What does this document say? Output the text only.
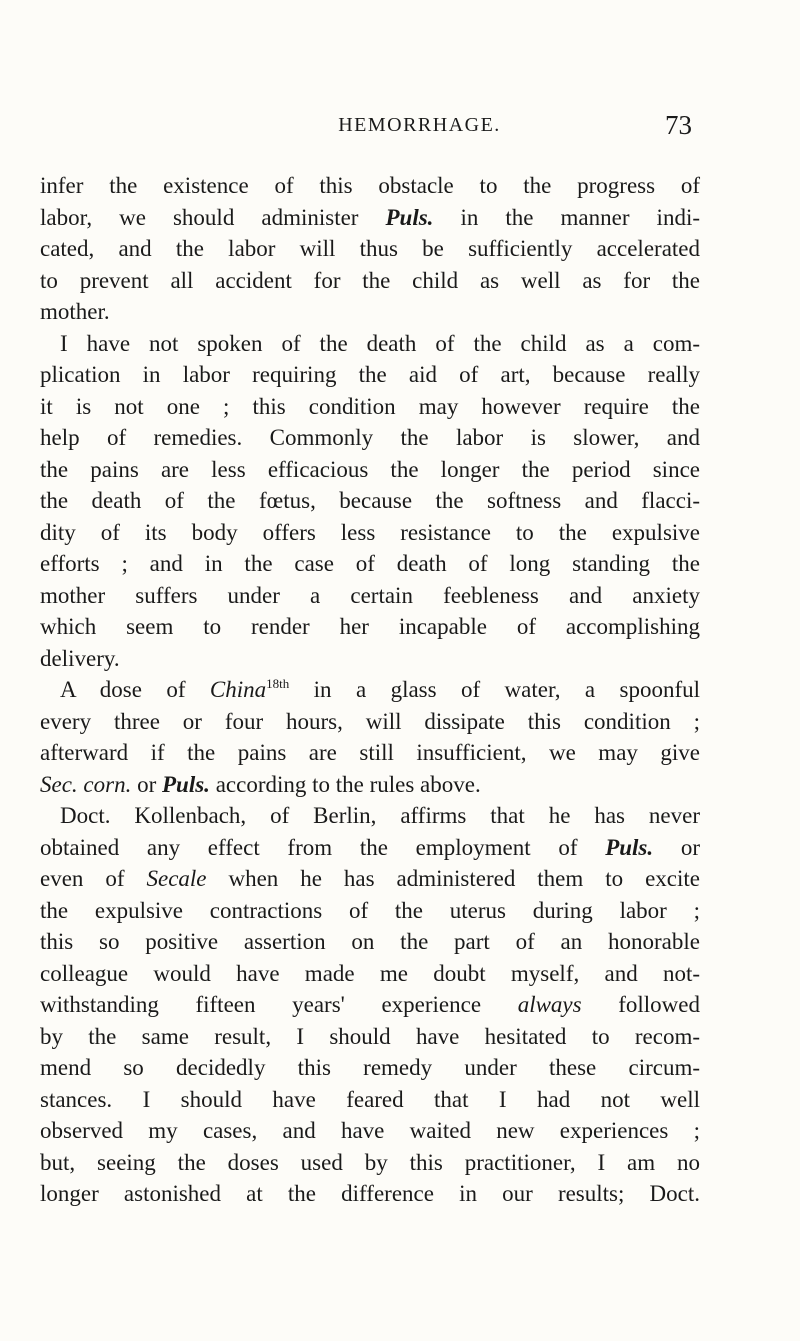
HEMORRHAGE.	73
infer the existence of this obstacle to the progress of
labor, we should administer Puls. in the manner indi-
cated, and the labor will thus be sufficiently accelerated
to prevent all accident for the child as well as for the
mother.
I have not spoken of the death of the child as a com-
plication in labor requiring the aid of art, because really
it is not one ; this condition may however require the
help of remedies. Commonly the labor is slower, and
the pains are less efficacious the longer the period since
the death of the fœtus, because the softness and flacci-
dity of its body offers less resistance to the expulsive
efforts ; and in the case of death of long standing the
mother suffers under a certain feebleness and anxiety
which seem to render her incapable of accomplishing
delivery.
A dose of China$^{18th}$ in a glass of water, a spoonful
every three or four hours, will dissipate this condition ;
afterward if the pains are still insufficient, we may give
Sec. corn. or Puls. according to the rules above.
Doct. Kollenbach, of Berlin, affirms that he has never
obtained any effect from the employment of Puls. or
even of Secale when he has administered them to excite
the expulsive contractions of the uterus during labor ;
this so positive assertion on the part of an honorable
colleague would have made me doubt myself, and not-
withstanding fifteen years' experience always followed
by the same result, I should have hesitated to recom-
mend so decidedly this remedy under these circum-
stances. I should have feared that I had not well
observed my cases, and have waited new experiences ;
but, seeing the doses used by this practitioner, I am no
longer astonished at the difference in our results; Doct.
